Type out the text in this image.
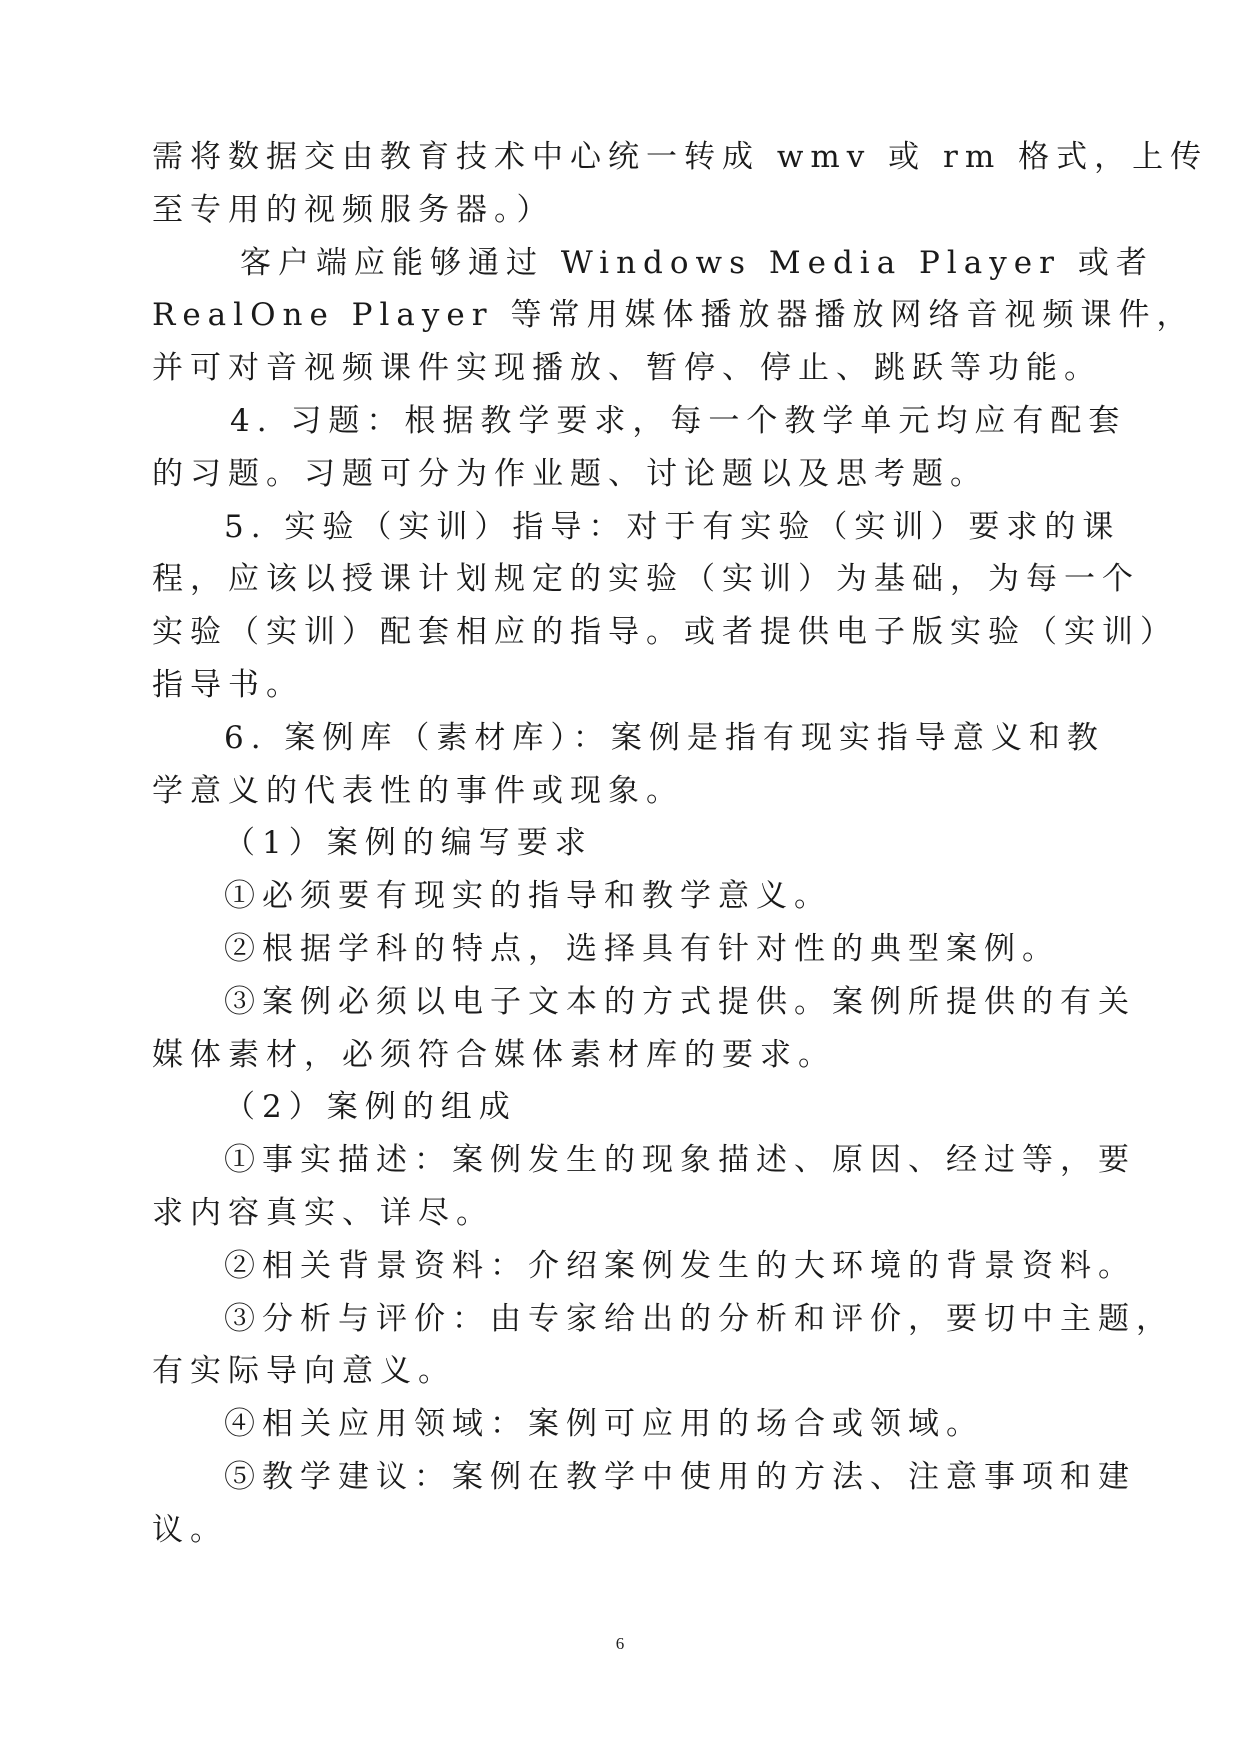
需将数据交由教育技术中心统一转成 wmv 或 rm 格式，上传
至专用的视频服务器。）
客户端应能够通过 Windows Media Player 或者
RealOne Player 等常用媒体播放器播放网络音视频课件，
并可对音视频课件实现播放、暂停、停止、跳跃等功能。
4. 习题：根据教学要求，每一个教学单元均应有配套
的习题。习题可分为作业题、讨论题以及思考题。
5. 实验（实训）指导：对于有实验（实训）要求的课
程，应该以授课计划规定的实验（实训）为基础，为每一个
实验（实训）配套相应的指导。或者提供电子版实验（实训）
指导书。
6. 案例库（素材库）：案例是指有现实指导意义和教
学意义的代表性的事件或现象。
（1）案例的编写要求
①必须要有现实的指导和教学意义。
②根据学科的特点，选择具有针对性的典型案例。
③案例必须以电子文本的方式提供。案例所提供的有关
媒体素材，必须符合媒体素材库的要求。
（2）案例的组成
①事实描述：案例发生的现象描述、原因、经过等，要
求内容真实、详尽。
②相关背景资料：介绍案例发生的大环境的背景资料。
③分析与评价：由专家给出的分析和评价，要切中主题，
有实际导向意义。
④相关应用领域：案例可应用的场合或领域。
⑤教学建议：案例在教学中使用的方法、注意事项和建
议。
6
